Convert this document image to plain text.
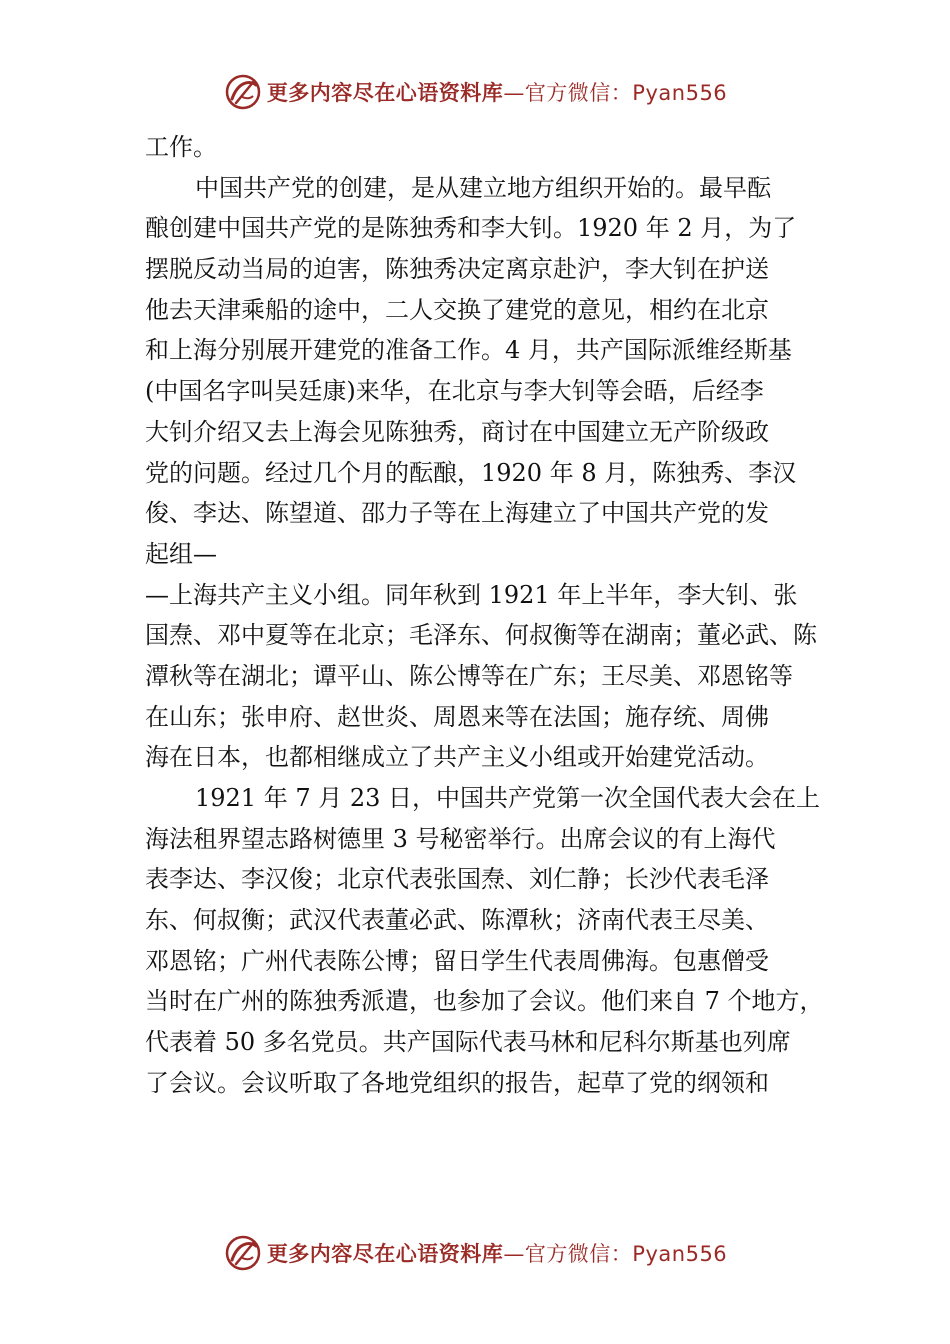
更多内容尽在心语资料库—官方微信：Pyan556
工作。
中国共产党的创建，是从建立地方组织开始的。最早酝
酿创建中国共产党的是陈独秀和李大钊。1920 年 2 月，为了
摆脱反动当局的迫害，陈独秀决定离京赴沪，李大钊在护送
他去天津乘船的途中，二人交换了建党的意见，相约在北京
和上海分别展开建党的准备工作。4 月，共产国际派维经斯基
(中国名字叫吴廷康)来华，在北京与李大钊等会晤，后经李
大钊介绍又去上海会见陈独秀，商讨在中国建立无产阶级政
党的问题。经过几个月的酝酿，1920 年 8 月，陈独秀、李汉
俊、李达、陈望道、邵力子等在上海建立了中国共产党的发
起组—
—上海共产主义小组。同年秋到 1921 年上半年，李大钊、张
国焘、邓中夏等在北京；毛泽东、何叔衡等在湖南；董必武、陈
潭秋等在湖北；谭平山、陈公博等在广东；王尽美、邓恩铭等
在山东；张申府、赵世炎、周恩来等在法国；施存统、周佛
海在日本，也都相继成立了共产主义小组或开始建党活动。
1921 年 7 月 23 日，中国共产党第一次全国代表大会在上
海法租界望志路树德里 3 号秘密举行。出席会议的有上海代
表李达、李汉俊；北京代表张国焘、刘仁静；长沙代表毛泽
东、何叔衡；武汉代表董必武、陈潭秋；济南代表王尽美、
邓恩铭；广州代表陈公博；留日学生代表周佛海。包惠僧受
当时在广州的陈独秀派遣，也参加了会议。他们来自 7 个地方，
代表着 50 多名党员。共产国际代表马林和尼科尔斯基也列席
了会议。会议听取了各地党组织的报告，起草了党的纲领和
更多内容尽在心语资料库—官方微信：Pyan556
